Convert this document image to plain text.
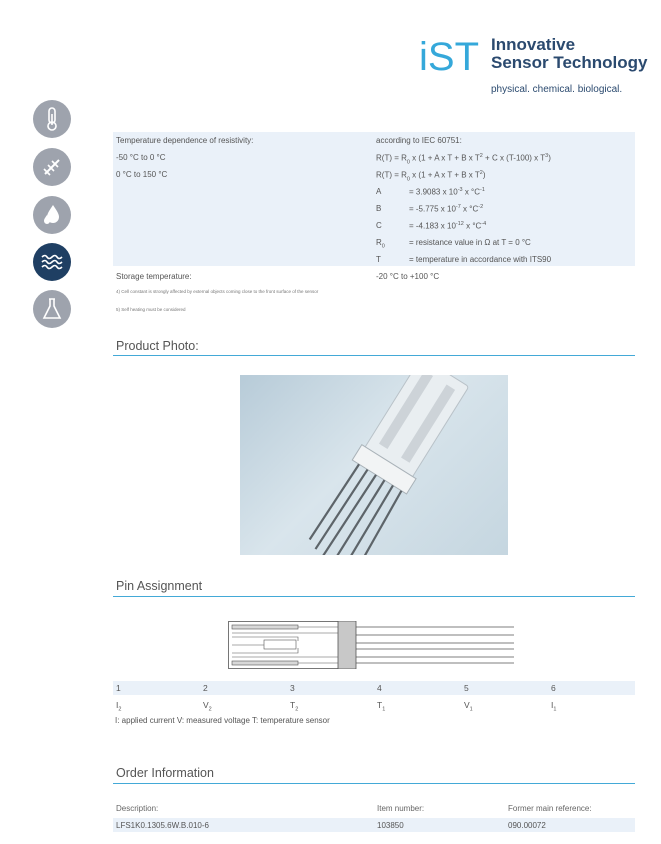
iST Innovative
Sensor Technology
physical. chemical. biological.
Temperature dependence of resistivity:	according to IEC 60751:
-50 °C to 0 °C	$R(T) = R_0$ x (1 + A x T + B x $T^2 + C$ x (T-100) x $T^3$)
0 °C to 150 °C	$R(T) = R_0$ x (1 + A x T + B x $T^2$)
A	= 3.9083 x $10^{-3}$ x $^\circ C^{-1}$
B	= -5.775 x $10^{-7}$ x $^\circ C^{-2}$
C	= -4.183 x $10^{-12}$ x $^\circ C^{-4}$
$R_0$	= resistance value in Ω at T = 0 °C
T	= temperature in accordance with ITS90
Storage temperature:	-20 °C to +100 °C
4) Cell constant is strongly affected by external objects coming close to the front surface of the sensor
5) Self heating must be considered
Product Photo:
Pin Assignment
1	2	3	4	5	6
$I_2$	$V_2$	$T_2$	$T_1$	$V_1$	$I_1$
I: applied current V: measured voltage T: temperature sensor
Order Information
Description:	Item number:	Former main reference:
LFS1K0.1305.6W.B.010-6	103850	090.00072
